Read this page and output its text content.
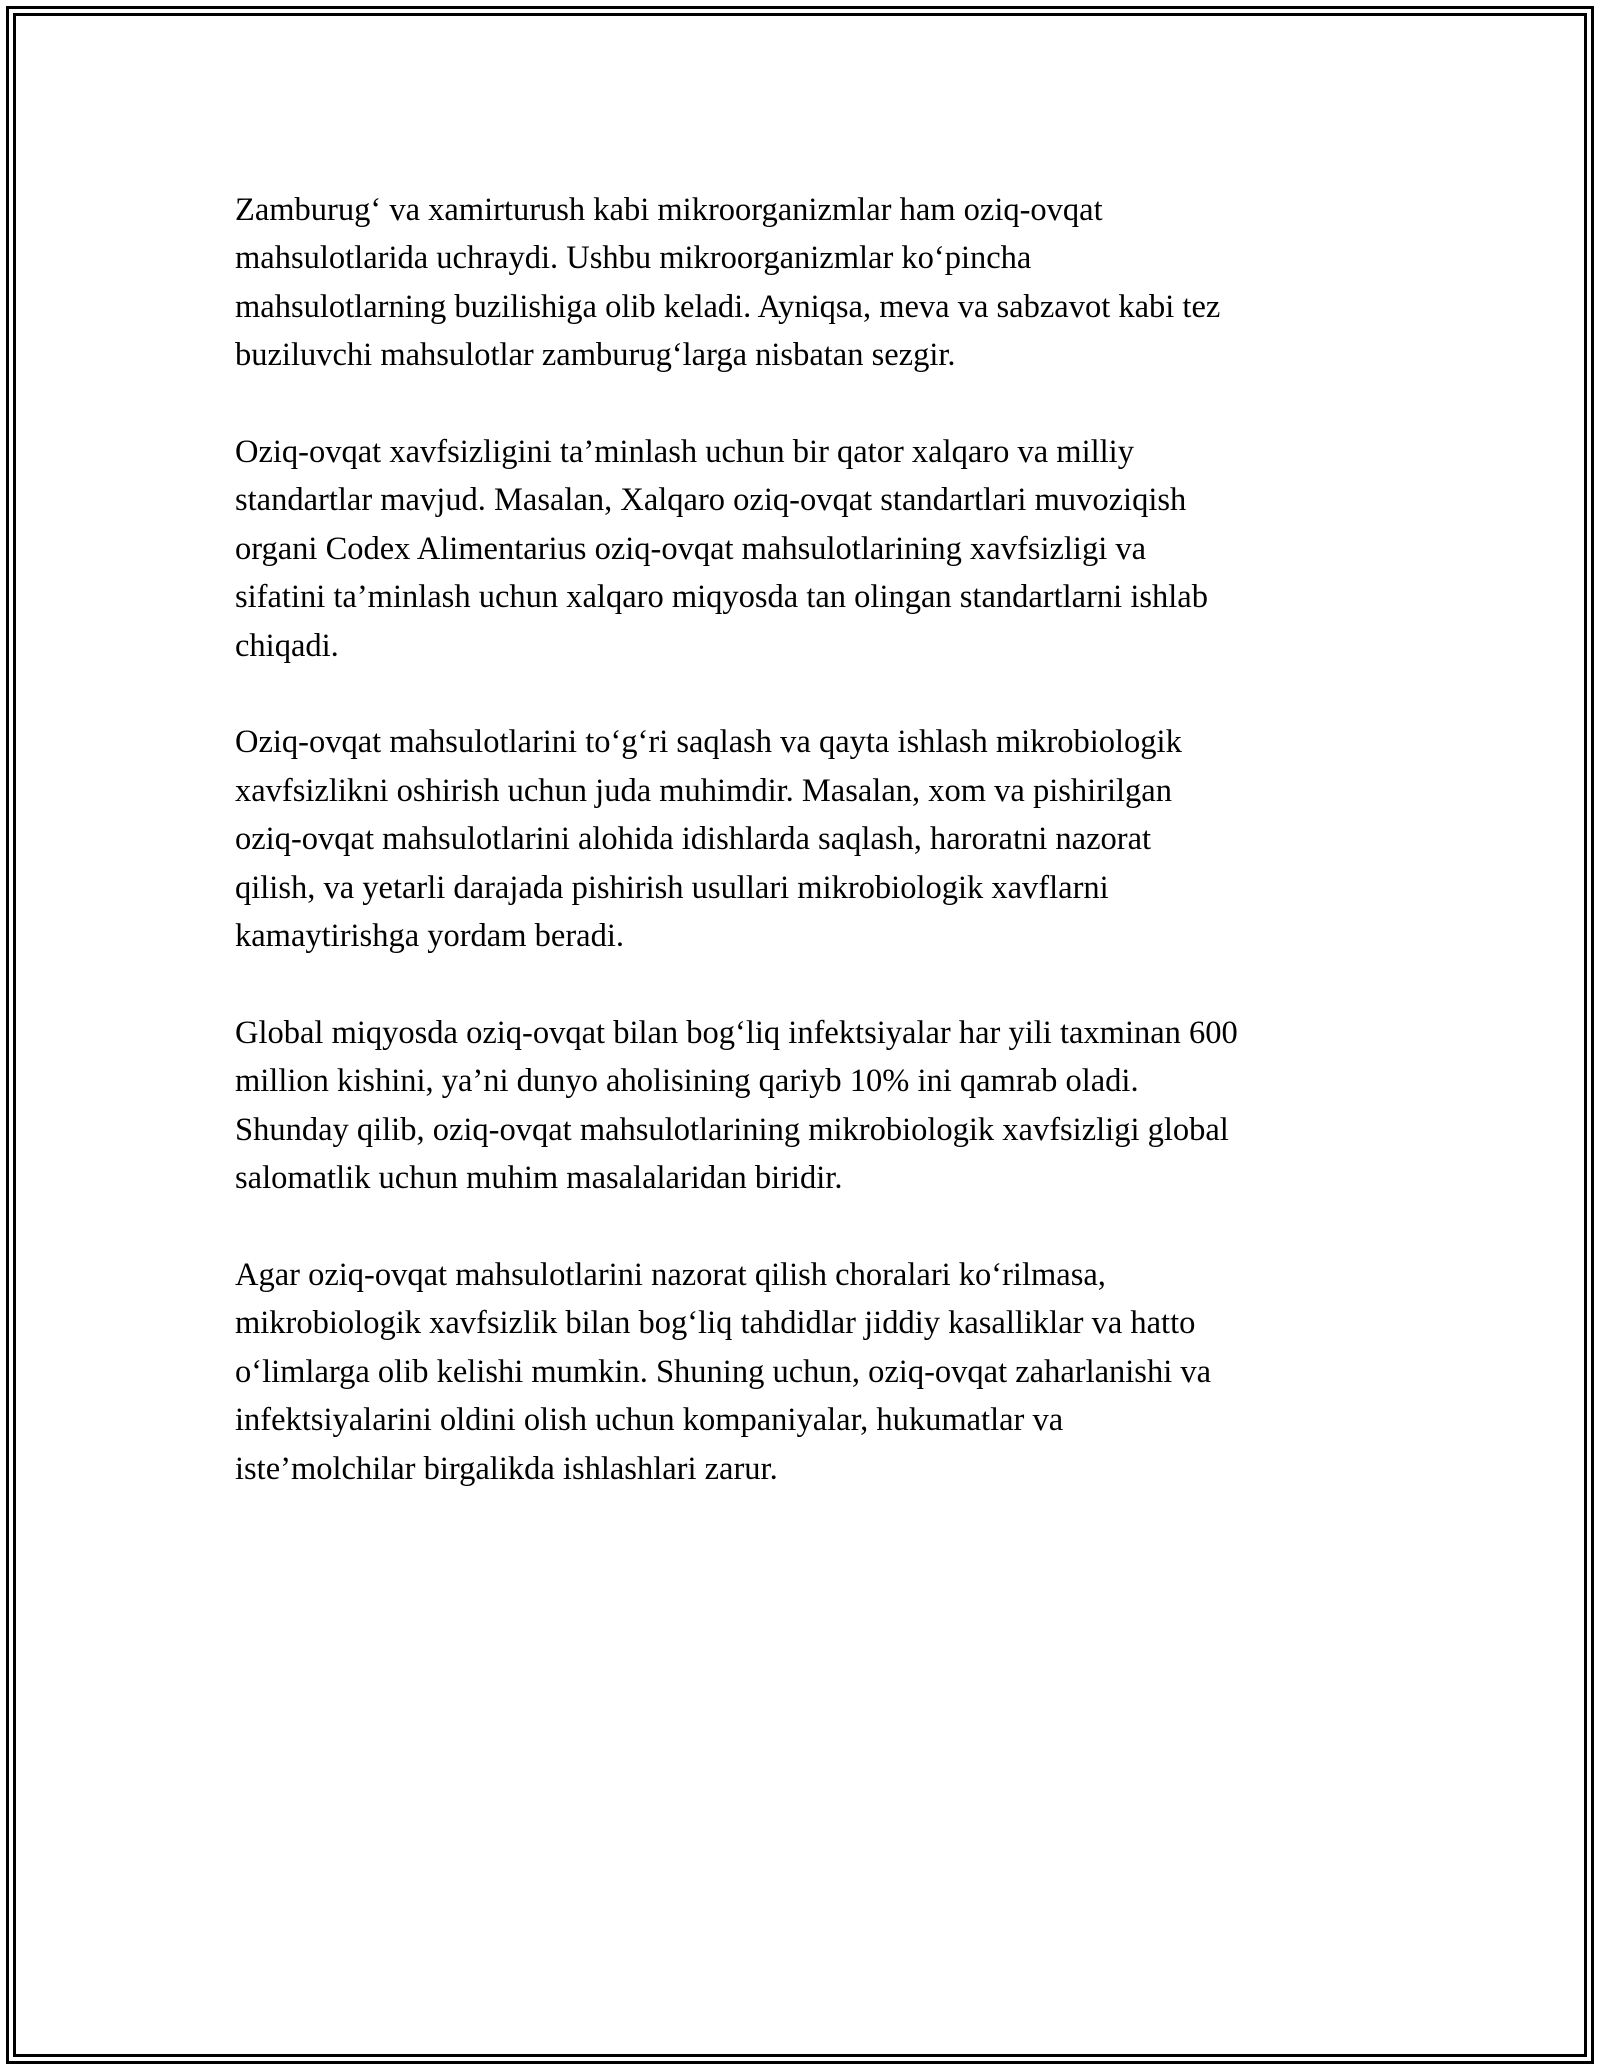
Zamburug‘ va xamirturush kabi mikroorganizmlar ham oziq-ovqat
mahsulotlarida uchraydi. Ushbu mikroorganizmlar ko‘pincha
mahsulotlarning buzilishiga olib keladi. Ayniqsa, meva va sabzavot kabi tez
buziluvchi mahsulotlar zamburug‘larga nisbatan sezgir.

Oziq-ovqat xavfsizligini ta’minlash uchun bir qator xalqaro va milliy
standartlar mavjud. Masalan, Xalqaro oziq-ovqat standartlari muvoziqish
organi Codex Alimentarius oziq-ovqat mahsulotlarining xavfsizligi va
sifatini ta’minlash uchun xalqaro miqyosda tan olingan standartlarni ishlab
chiqadi.

Oziq-ovqat mahsulotlarini to‘g‘ri saqlash va qayta ishlash mikrobiologik
xavfsizlikni oshirish uchun juda muhimdir. Masalan, xom va pishirilgan
oziq-ovqat mahsulotlarini alohida idishlarda saqlash, haroratni nazorat
qilish, va yetarli darajada pishirish usullari mikrobiologik xavflarni
kamaytirishga yordam beradi.

Global miqyosda oziq-ovqat bilan bog‘liq infektsiyalar har yili taxminan 600
million kishini, ya’ni dunyo aholisining qariyb 10% ini qamrab oladi.
Shunday qilib, oziq-ovqat mahsulotlarining mikrobiologik xavfsizligi global
salomatlik uchun muhim masalalaridan biridir.

Agar oziq-ovqat mahsulotlarini nazorat qilish choralari ko‘rilmasa,
mikrobiologik xavfsizlik bilan bog‘liq tahdidlar jiddiy kasalliklar va hatto
o‘limlarga olib kelishi mumkin. Shuning uchun, oziq-ovqat zaharlanishi va
infektsiyalarini oldini olish uchun kompaniyalar, hukumatlar va
iste’molchilar birgalikda ishlashlari zarur.
